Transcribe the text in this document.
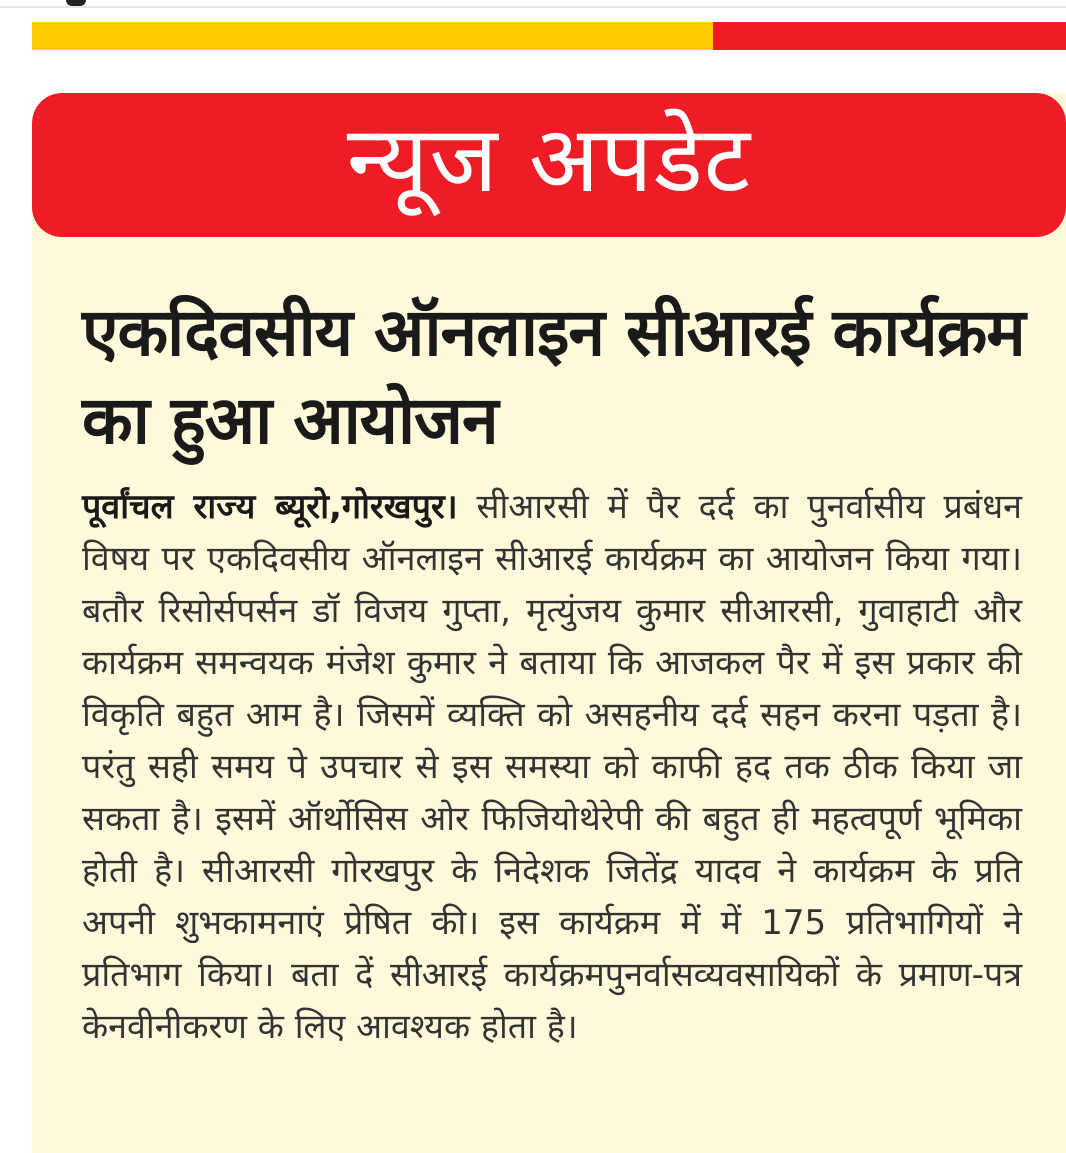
न्यूज अपडेट
एकदिवसीय ऑनलाइन सीआरई कार्यक्रम का हुआ आयोजन

पूर्वांचल राज्य ब्यूरो,गोरखपुर। सीआरसी में पैर दर्द का पुनर्वासीय प्रबंधन विषय पर एकदिवसीय ऑनलाइन सीआरई कार्यक्रम का आयोजन किया गया। बतौर रिसोर्सपर्सन डॉ विजय गुप्ता, मृत्युंजय कुमार सीआरसी, गुवाहाटी और कार्यक्रम समन्वयक मंजेश कुमार ने बताया कि आजकल पैर में इस प्रकार की विकृति बहुत आम है। जिसमें व्यक्ति को असहनीय दर्द सहन करना पड़ता है। परंतु सही समय पे उपचार से इस समस्या को काफी हद तक ठीक किया जा सकता है। इसमें ऑर्थोसिस ओर फिजियोथेरेपी की बहुत ही महत्वपूर्ण भूमिका होती है। सीआरसी गोरखपुर के निदेशक जितेंद्र यादव ने कार्यक्रम के प्रति अपनी शुभकामनाएं प्रेषित की। इस कार्यक्रम में में 175 प्रतिभागियों ने प्रतिभाग किया। बता दें सीआरई कार्यक्रमपुनर्वासव्यवसायिकों के प्रमाण-पत्र केनवीनीकरण के लिए आवश्यक होता है।
